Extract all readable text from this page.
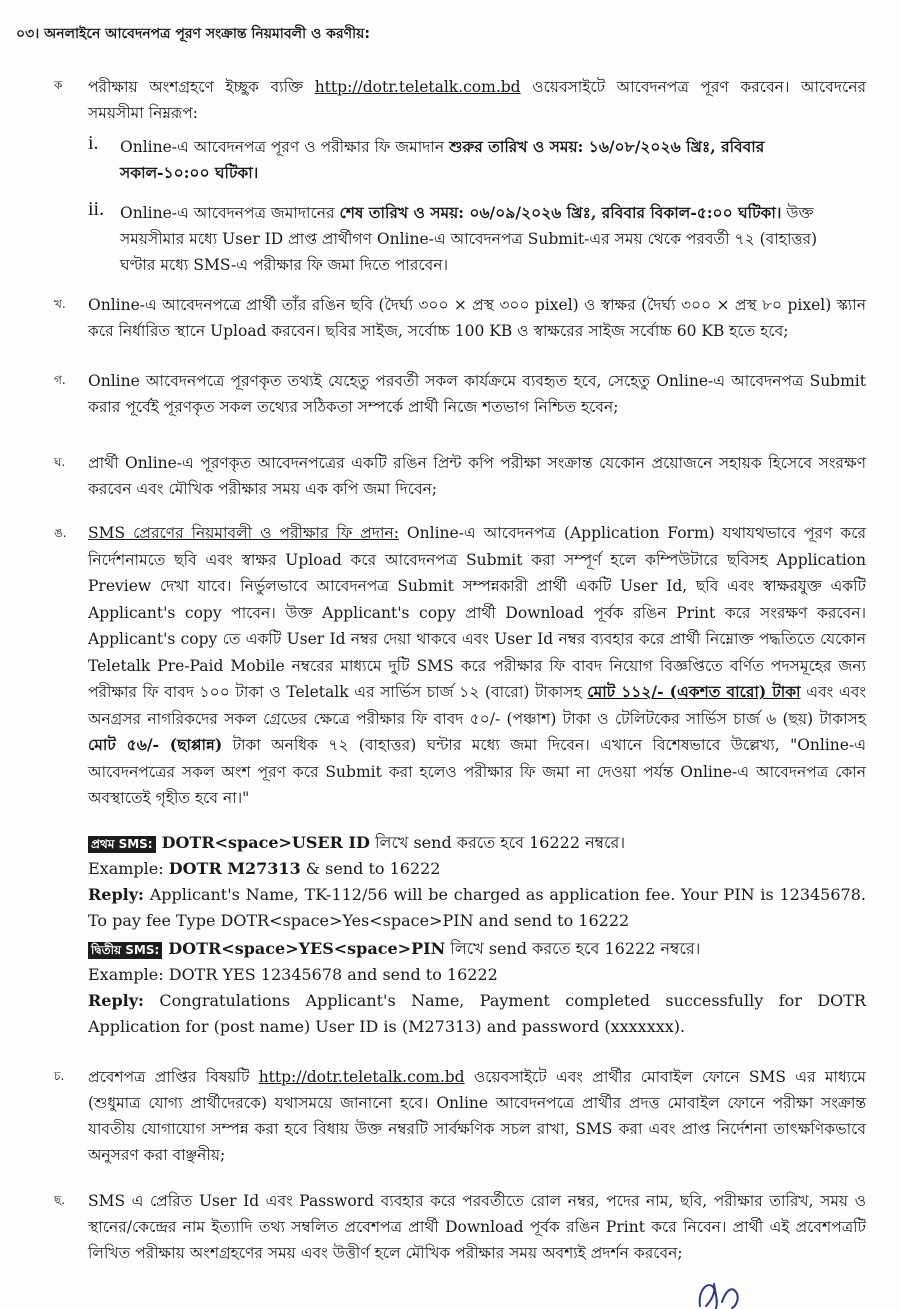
০৩। অনলাইনে আবেদনপত্র পূরণ সংক্রান্ত নিয়মাবলী ও করণীয়:
ক পরীক্ষায় অংশগ্রহণে ইচ্ছুক ব্যক্তি http://dotr.teletalk.com.bd ওয়েবসাইটে আবেদনপত্র পূরণ করবেন। আবেদনের সময়সীমা নিম্নরূপ:
i. Online-এ আবেদনপত্র পূরণ ও পরীক্ষার ফি জমাদান শুরুর তারিখ ও সময়: ১৬/০৮/২০২৬ খ্রিঃ, রবিবার সকাল-১০:০০ ঘটিকা।
ii. Online-এ আবেদনপত্র জমাদানের শেষ তারিখ ও সময়: ০৬/০৯/২০২৬ খ্রিঃ, রবিবার বিকাল-৫:০০ ঘটিকা। উক্ত সময়সীমার মধ্যে User ID প্রাপ্ত প্রার্থীগণ Online-এ আবেদনপত্র Submit-এর সময় থেকে পরবর্তী ৭২ (বাহাত্তর) ঘণ্টার মধ্যে SMS-এ পরীক্ষার ফি জমা দিতে পারবেন।
খ. Online-এ আবেদনপত্রে প্রার্থী তাঁর রঙিন ছবি (দৈর্ঘ্য ৩০০ × প্রস্থ ৩০০ pixel) ও স্বাক্ষর (দৈর্ঘ্য ৩০০ × প্রস্থ ৮০ pixel) স্ক্যান করে নির্ধারিত স্থানে Upload করবেন। ছবির সাইজ, সর্বোচ্চ 100 KB ও স্বাক্ষরের সাইজ সর্বোচ্চ 60 KB হতে হবে;
গ. Online আবেদনপত্রে পূরণকৃত তথ্যই যেহেতু পরবর্তী সকল কার্যক্রমে ব্যবহৃত হবে, সেহেতু Online-এ আবেদনপত্র Submit করার পূর্বেই পূরণকৃত সকল তথ্যের সঠিকতা সম্পর্কে প্রার্থী নিজে শতভাগ নিশ্চিত হবেন;
ঘ. প্রার্থী Online-এ পূরণকৃত আবেদনপত্রের একটি রঙিন প্রিন্ট কপি পরীক্ষা সংক্রান্ত যেকোন প্রয়োজনে সহায়ক হিসেবে সংরক্ষণ করবেন এবং মৌখিক পরীক্ষার সময় এক কপি জমা দিবেন;
ঙ. SMS প্রেরণের নিয়মাবলী ও পরীক্ষার ফি প্রদান: Online-এ আবেদনপত্র (Application Form) যথাযথভাবে পূরণ করে নির্দেশনামতে ছবি এবং স্বাক্ষর Upload করে আবেদনপত্র Submit করা সম্পূর্ণ হলে কম্পিউটারে ছবিসহ Application Preview দেখা যাবে। নির্ভুলভাবে আবেদনপত্র Submit সম্পন্নকারী প্রার্থী একটি User Id, ছবি এবং স্বাক্ষরযুক্ত একটি Applicant's copy পাবেন। উক্ত Applicant's copy প্রার্থী Download পূর্বক রঙিন Print করে সংরক্ষণ করবেন। Applicant's copy তে একটি User Id নম্বর দেয়া থাকবে এবং User Id নম্বর ব্যবহার করে প্রার্থী নিম্নোক্ত পদ্ধতিতে যেকোন Teletalk Pre-Paid Mobile নম্বরের মাধ্যমে দুটি SMS করে পরীক্ষার ফি বাবদ নিয়োগ বিজ্ঞপ্তিতে বর্ণিত পদসমূহের জন্য পরীক্ষার ফি বাবদ ১০০ টাকা ও Teletalk এর সার্ভিস চার্জ ১২ (বারো) টাকাসহ মোট ১১২/- (একশত বারো) টাকা এবং এবং অনগ্রসর নাগরিকদের সকল গ্রেডের ক্ষেত্রে পরীক্ষার ফি বাবদ ৫০/- (পঞ্চাশ) টাকা ও টেলিটকের সার্ভিস চার্জ ৬ (ছয়) টাকাসহ মোট ৫৬/- (ছাপ্পান্ন) টাকা অনধিক ৭২ (বাহাত্তর) ঘন্টার মধ্যে জমা দিবেন। এখানে বিশেষভাবে উল্লেখ্য, "Online-এ আবেদনপত্রের সকল অংশ পূরণ করে Submit করা হলেও পরীক্ষার ফি জমা না দেওয়া পর্যন্ত Online-এ আবেদনপত্র কোন অবস্থাতেই গৃহীত হবে না।"
প্রথম SMS: DOTR<space>USER ID লিখে send করতে হবে 16222 নম্বরে।
Example: DOTR M27313 & send to 16222
Reply: Applicant's Name, TK-112/56 will be charged as application fee. Your PIN is 12345678. To pay fee Type DOTR<space>Yes<space>PIN and send to 16222
দ্বিতীয় SMS: DOTR<space>YES<space>PIN লিখে send করতে হবে 16222 নম্বরে।
Example: DOTR YES 12345678 and send to 16222
Reply: Congratulations Applicant's Name, Payment completed successfully for DOTR Application for (post name) User ID is (M27313) and password (xxxxxxx).
চ. প্রবেশপত্র প্রাপ্তির বিষয়টি http://dotr.teletalk.com.bd ওয়েবসাইটে এবং প্রার্থীর মোবাইল ফোনে SMS এর মাধ্যমে (শুধুমাত্র যোগ্য প্রার্থীদেরকে) যথাসময়ে জানানো হবে। Online আবেদনপত্রে প্রার্থীর প্রদত্ত মোবাইল ফোনে পরীক্ষা সংক্রান্ত যাবতীয় যোগাযোগ সম্পন্ন করা হবে বিধায় উক্ত নম্বরটি সার্বক্ষণিক সচল রাখা, SMS করা এবং প্রাপ্ত নির্দেশনা তাৎক্ষণিকভাবে অনুসরণ করা বাঞ্ছনীয়;
ছ. SMS এ প্রেরিত User Id এবং Password ব্যবহার করে পরবর্তীতে রোল নম্বর, পদের নাম, ছবি, পরীক্ষার তারিখ, সময় ও স্থানের/কেন্দ্রের নাম ইত্যাদি তথ্য সম্বলিত প্রবেশপত্র প্রার্থী Download পূর্বক রঙিন Print করে নিবেন। প্রার্থী এই প্রবেশপত্রটি লিখিত পরীক্ষায় অংশগ্রহণের সময় এবং উত্তীর্ণ হলে মৌখিক পরীক্ষার সময় অবশ্যই প্রদর্শন করবেন;
